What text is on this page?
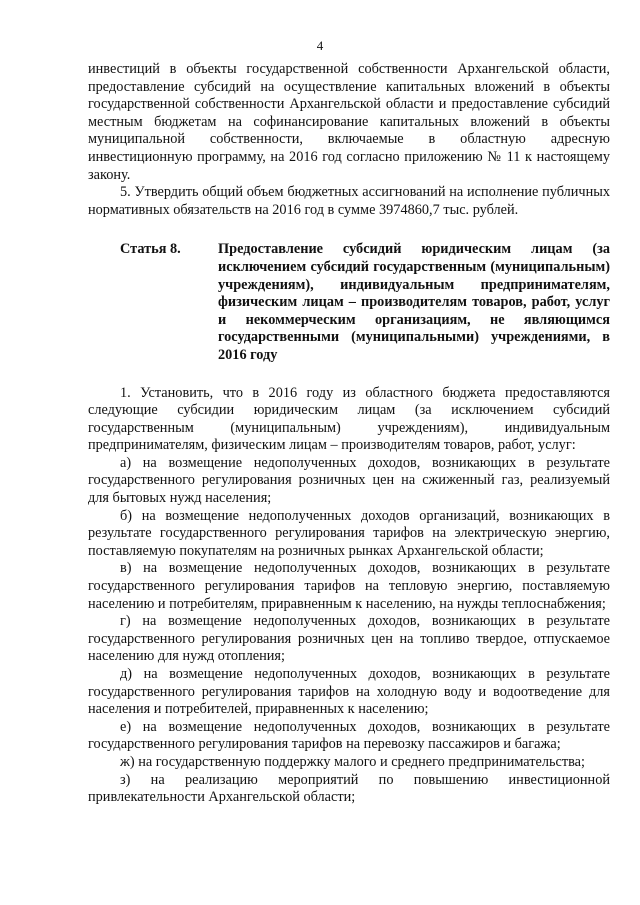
4

инвестиций в объекты государственной собственности Архангельской области, предоставление субсидий на осуществление капитальных вложений в объекты государственной собственности Архангельской области и предоставление субсидий местным бюджетам на софинансирование капитальных вложений в объекты муниципальной собственности, включаемые в областную адресную инвестиционную программу, на 2016 год согласно приложению № 11 к настоящему закону.

5. Утвердить общий объем бюджетных ассигнований на исполнение публичных нормативных обязательств на 2016 год в сумме 3974860,7 тыс. рублей.

Статья 8.	Предоставление субсидий юридическим лицам (за исключением субсидий государственным (муниципальным) учреждениям), индивидуальным предпринимателям, физическим лицам – производителям товаров, работ, услуг и некоммерческим организациям, не являющимся государственными (муниципальными) учреждениями, в 2016 году

1. Установить, что в 2016 году из областного бюджета предоставляются следующие субсидии юридическим лицам (за исключением субсидий государственным (муниципальным) учреждениям), индивидуальным предпринимателям, физическим лицам – производителям товаров, работ, услуг:

а) на возмещение недополученных доходов, возникающих в результате государственного регулирования розничных цен на сжиженный газ, реализуемый для бытовых нужд населения;

б) на возмещение недополученных доходов организаций, возникающих в результате государственного регулирования тарифов на электрическую энергию, поставляемую покупателям на розничных рынках Архангельской области;

в) на возмещение недополученных доходов, возникающих в результате государственного регулирования тарифов на тепловую энергию, поставляемую населению и потребителям, приравненным к населению, на нужды теплоснабжения;

г) на возмещение недополученных доходов, возникающих в результате государственного регулирования розничных цен на топливо твердое, отпускаемое населению для нужд отопления;

д) на возмещение недополученных доходов, возникающих в результате государственного регулирования тарифов на холодную воду и водоотведение для населения и потребителей, приравненных к населению;

е) на возмещение недополученных доходов, возникающих в результате государственного регулирования тарифов на перевозку пассажиров и багажа;

ж) на государственную поддержку малого и среднего предпринимательства;

з) на реализацию мероприятий по повышению инвестиционной привлекательности Архангельской области;
